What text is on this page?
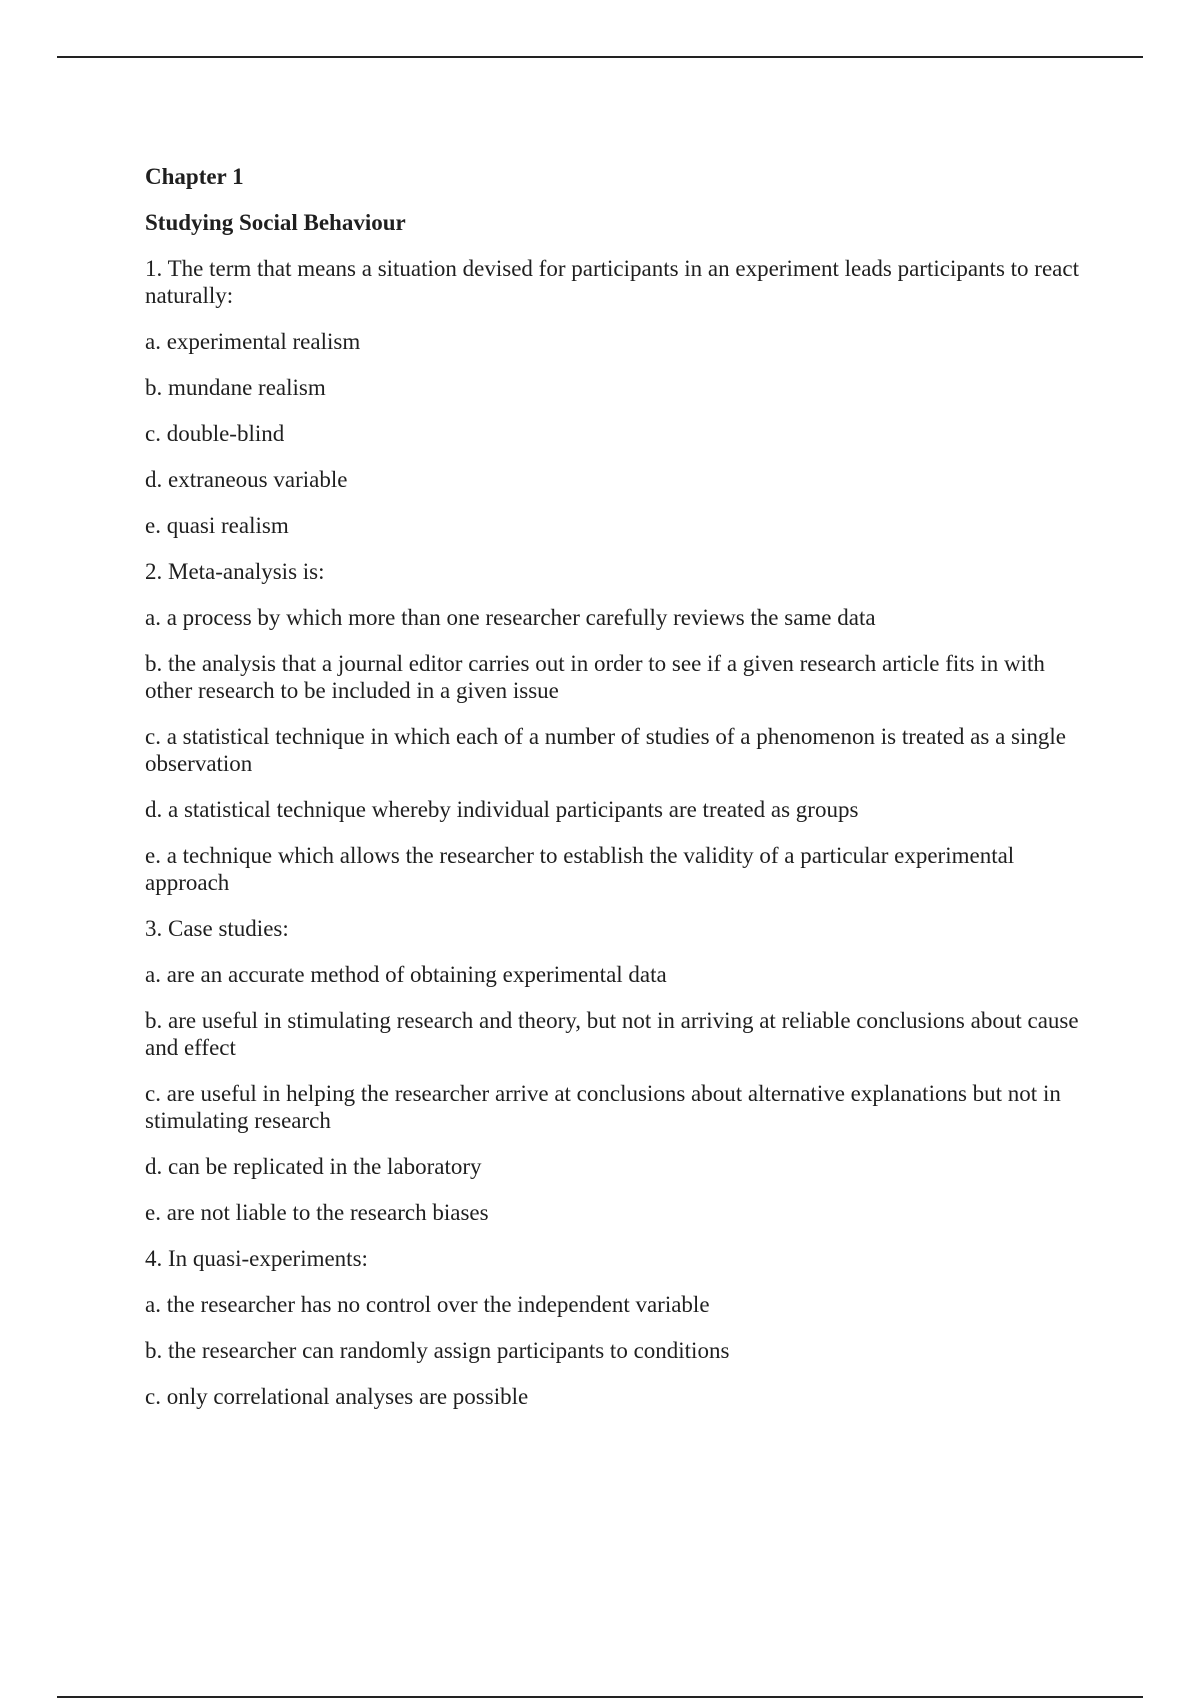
Chapter 1

Studying Social Behaviour

1. The term that means a situation devised for participants in an experiment leads participants to react naturally:

a. experimental realism

b. mundane realism

c. double-blind

d. extraneous variable

e. quasi realism

2. Meta-analysis is:

a. a process by which more than one researcher carefully reviews the same data

b. the analysis that a journal editor carries out in order to see if a given research article fits in with other research to be included in a given issue

c. a statistical technique in which each of a number of studies of a phenomenon is treated as a single observation

d. a statistical technique whereby individual participants are treated as groups

e. a technique which allows the researcher to establish the validity of a particular experimental approach

3. Case studies:

a. are an accurate method of obtaining experimental data

b. are useful in stimulating research and theory, but not in arriving at reliable conclusions about cause and effect

c. are useful in helping the researcher arrive at conclusions about alternative explanations but not in stimulating research

d. can be replicated in the laboratory

e. are not liable to the research biases

4. In quasi-experiments:

a. the researcher has no control over the independent variable

b. the researcher can randomly assign participants to conditions

c. only correlational analyses are possible
